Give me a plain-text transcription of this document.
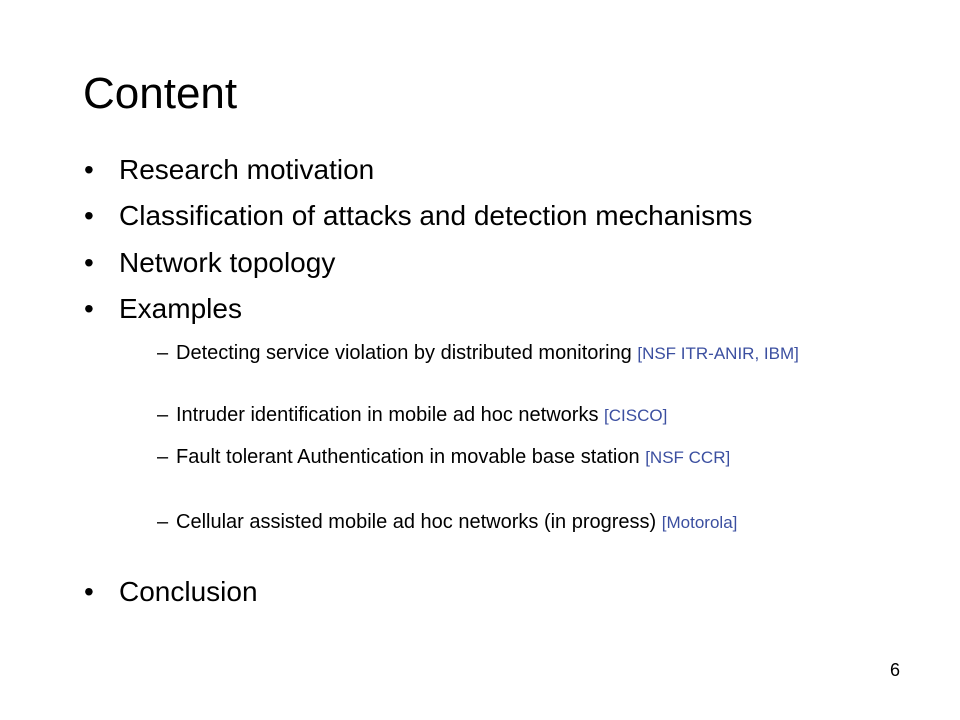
Content
• Research motivation
• Classification of attacks and detection mechanisms
• Network topology
• Examples
– Detecting service violation by distributed monitoring [NSF ITR-ANIR, IBM]
– Intruder identification in mobile ad hoc networks [CISCO]
– Fault tolerant Authentication in movable base station [NSF CCR]
– Cellular assisted mobile ad hoc networks (in progress) [Motorola]
• Conclusion
6
